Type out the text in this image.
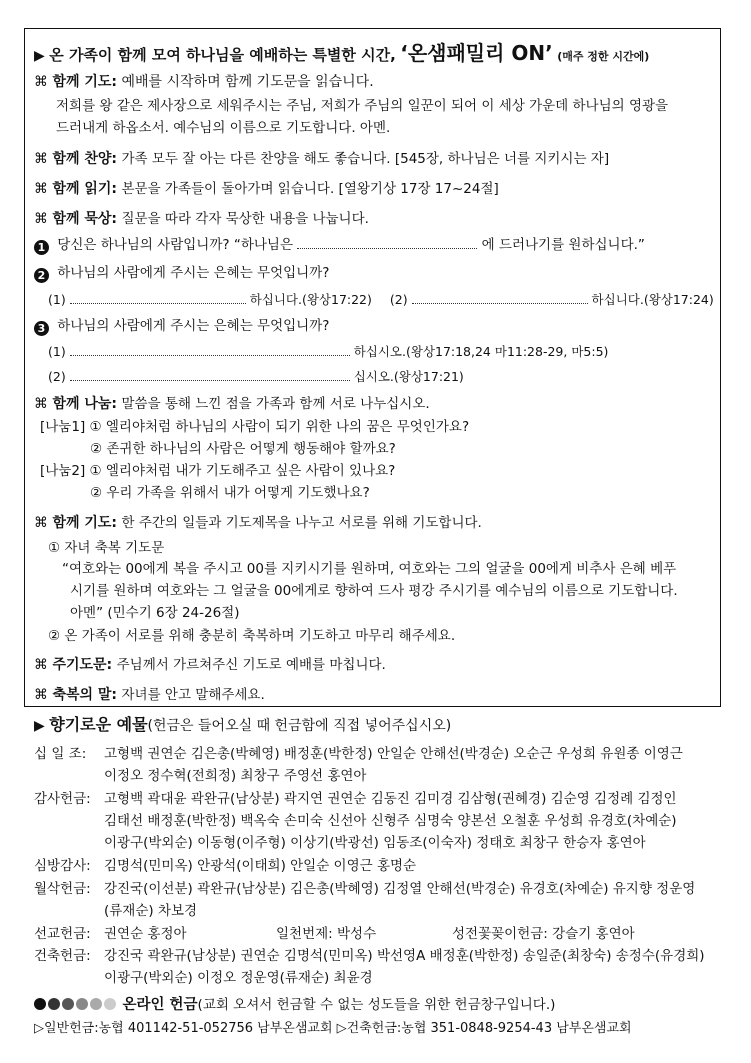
▶ 온 가족이 함께 모여 하나님을 예배하는 특별한 시간, ‘온샘패밀리 ON’ (매주 정한 시간에)
⌘ 함께 기도: 예배를 시작하며 함께 기도문을 읽습니다.
저희를 왕 같은 제사장으로 세워주시는 주님, 저희가 주님의 일꾼이 되어 이 세상 가운데 하나님의 영광을
드러내게 하옵소서. 예수님의 이름으로 기도합니다. 아멘.
⌘ 함께 찬양: 가족 모두 잘 아는 다른 찬양을 해도 좋습니다. [545장, 하나님은 너를 지키시는 자]
⌘ 함께 읽기: 본문을 가족들이 돌아가며 읽습니다. [열왕기상 17장 17~24절]
⌘ 함께 묵상: 질문을 따라 각자 묵상한 내용을 나눕니다.
1 당신은 하나님의 사람입니까? “하나님은	에 드러나기를 원하십니다.”
2 하나님의 사람에게 주시는 은혜는 무엇입니까?
(1)	하십니다.(왕상17:22) (2)	하십니다.(왕상17:24)
3 하나님의 사람에게 주시는 은혜는 무엇입니까?
(1)	하십시오.(왕상17:18,24 마11:28-29, 마5:5)
(2)	십시오.(왕상17:21)
⌘ 함께 나눔: 말씀을 통해 느낀 점을 가족과 함께 서로 나누십시오.
[나눔1] ① 엘리야처럼 하나님의 사람이 되기 위한 나의 꿈은 무엇인가요?
② 존귀한 하나님의 사람은 어떻게 행동해야 할까요?
[나눔2] ① 엘리야처럼 내가 기도해주고 싶은 사람이 있나요?
② 우리 가족을 위해서 내가 어떻게 기도했나요?
⌘ 함께 기도: 한 주간의 일들과 기도제목을 나누고 서로를 위해 기도합니다.
① 자녀 축복 기도문
“여호와는 00에게 복을 주시고 00를 지키시기를 원하며, 여호와는 그의 얼굴을 00에게 비추사 은혜 베푸
시기를 원하며 여호와는 그 얼굴을 00에게로 향하여 드사 평강 주시기를 예수님의 이름으로 기도합니다.
아멘” (민수기 6장 24-26절)
② 온 가족이 서로를 위해 충분히 축복하며 기도하고 마무리 해주세요.
⌘ 주기도문: 주님께서 가르쳐주신 기도로 예배를 마칩니다.
⌘ 축복의 말: 자녀를 안고 말해주세요.
▶ 향기로운 예물(헌금은 들어오실 때 헌금함에 직접 넣어주십시오)
십 일 조: 고형백 권연순 김은총(박혜영) 배정훈(박한정) 안일순 안해선(박경순) 오순근 우성희 유원종 이영근
이정오 정수혁(전희정) 최창구 주영선 홍연아
감사헌금: 고형백 곽대윤 곽완규(남상분) 곽지연 권연순 김동진 김미경 김삼형(권혜경) 김순영 김정례 김정인
김태선 배정훈(박한정) 백옥숙 손미숙 신선아 신형주 심명숙 양본선 오철훈 우성희 유경호(차예순)
이광구(박외순) 이동형(이주형) 이상기(박광선) 임동조(이숙자) 정태호 최창구 한승자 홍연아
심방감사: 김명석(민미옥) 안광석(이태희) 안일순 이영근 홍명순
월삭헌금: 강진국(이선분) 곽완규(남상분) 김은총(박혜영) 김정열 안해선(박경순) 유경호(차예순) 유지향 정운영
(류재순) 차보경
선교헌금: 권연순 홍정아	일천번제: 박성수	성전꽃꽂이헌금: 강슬기 홍연아
건축헌금: 강진국 곽완규(남상분) 권연순 김명석(민미옥) 박선영A 배정훈(박한정) 송일준(최창숙) 송정수(유경희)
이광구(박외순) 이정오 정운영(류재순) 최윤경
온라인 헌금(교회 오셔서 헌금할 수 없는 성도들을 위한 헌금창구입니다.)
▷일반헌금:농협 401142-51-052756 남부온샘교회 ▷건축헌금:농협 351-0848-9254-43 남부온샘교회
